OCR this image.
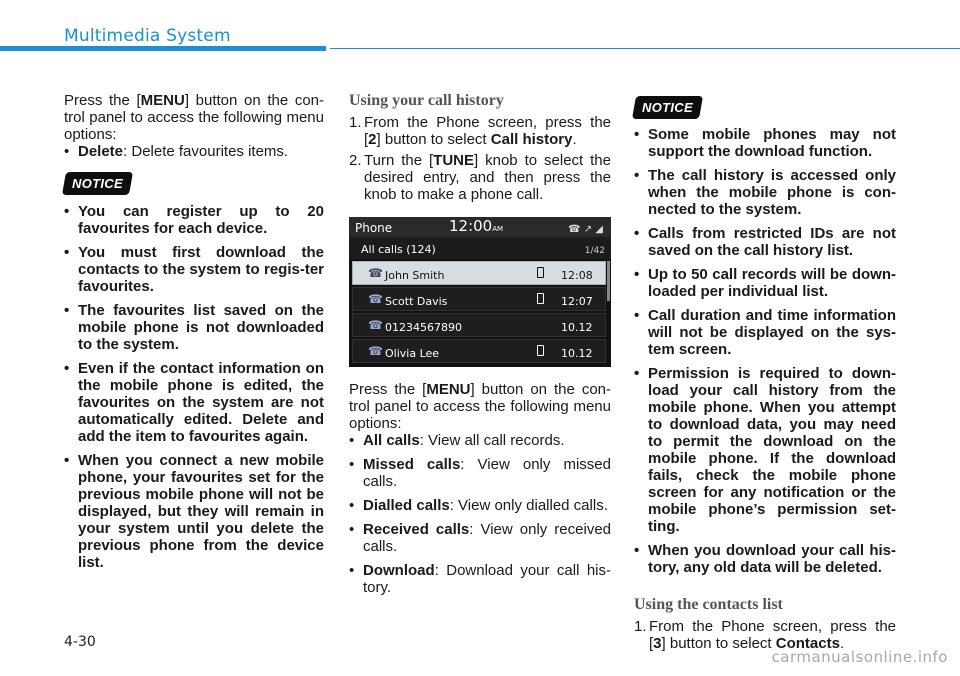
Multimedia System

Press the [MENU] button on the con-trol panel to access the following menu options:

• Delete: Delete favourites items.
NOTICE
• You can register up to 20 favourites for each device.
• You must first download the contacts to the system to regis-ter favourites.
• The favourites list saved on the mobile phone is not downloaded to the system.
• Even if the contact information on the mobile phone is edited, the favourites on the system are not automatically edited. Delete and add the item to favourites again.
• When you connect a new mobile phone, your favourites set for the previous mobile phone will not be displayed, but they will remain in your system until you delete the previous phone from the device list.
Using your call history
1. From the Phone screen, press the [2] button to select Call history.
2. Turn the [TUNE] knob to select the desired entry, and then press the knob to make a phone call.
Phone	12:00AM	☎ ↗ ◢
All calls (124)	1/42
☎ John Smith	12:08
☎ Scott Davis	12:07
☎ 01234567890	10.12
☎ Olivia Lee	10.12

Press the [MENU] button on the con-trol panel to access the following menu options:

• All calls: View all call records.
• Missed calls: View only missed calls.
• Dialled calls: View only dialled calls.
• Received calls: View only received calls.
• Download: Download your call his-tory.
NOTICE
• Some mobile phones may not support the download function.
• The call history is accessed only when the mobile phone is con-nected to the system.
• Calls from restricted IDs are not saved on the call history list.
• Up to 50 call records will be down-loaded per individual list.
• Call duration and time information will not be displayed on the sys-tem screen.
• Permission is required to down-load your call history from the mobile phone. When you attempt to download data, you may need to permit the download on the mobile phone. If the download fails, check the mobile phone screen for any notification or the mobile phone’s permission set-ting.
• When you download your call his-tory, any old data will be deleted.
Using the contacts list
1. From the Phone screen, press the [3] button to select Contacts.
4-30
carmanualsonline.info
